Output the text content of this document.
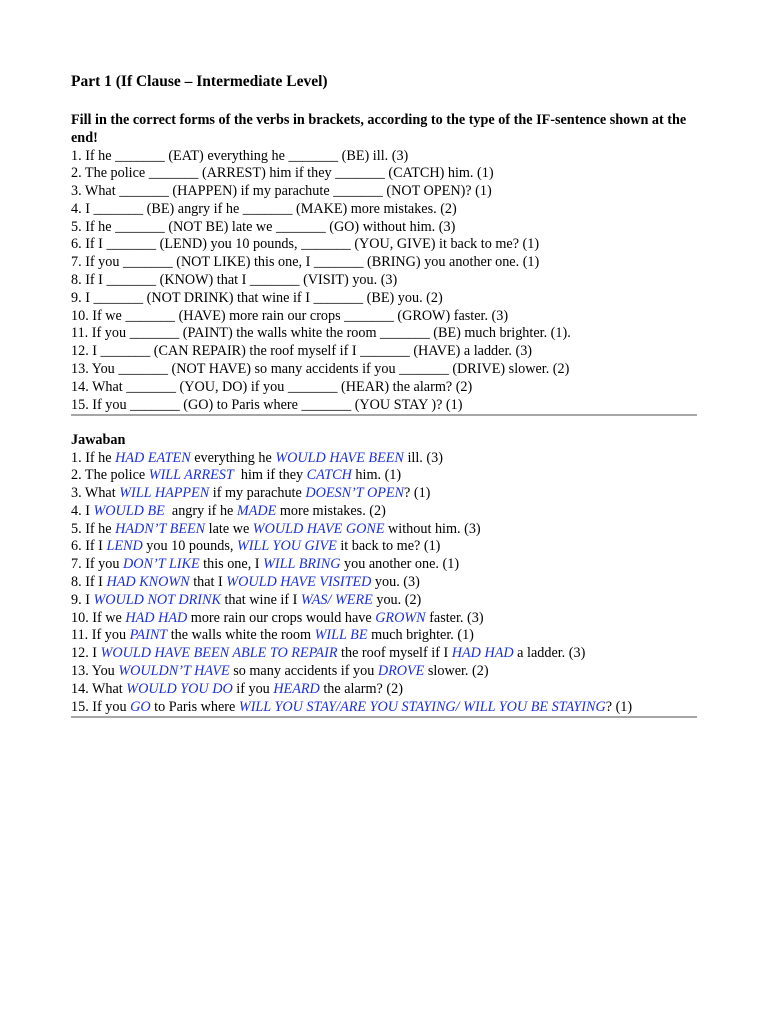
Part 1 (If Clause – Intermediate Level)
Fill in the correct forms of the verbs in brackets, according to the type of the IF-sentence shown at the end!
1. If he _______ (EAT) everything he _______ (BE) ill. (3)
2. The police _______ (ARREST) him if they _______ (CATCH) him. (1)
3. What _______ (HAPPEN) if my parachute _______ (NOT OPEN)? (1)
4. I _______ (BE) angry if he _______ (MAKE) more mistakes. (2)
5. If he _______ (NOT BE) late we _______ (GO) without him. (3)
6. If I _______ (LEND) you 10 pounds, _______ (YOU, GIVE) it back to me? (1)
7. If you _______ (NOT LIKE) this one, I _______ (BRING) you another one. (1)
8. If I _______ (KNOW) that I _______ (VISIT) you. (3)
9. I _______ (NOT DRINK) that wine if I _______ (BE) you. (2)
10. If we _______ (HAVE) more rain our crops _______ (GROW) faster. (3)
11. If you _______ (PAINT) the walls white the room _______ (BE) much brighter. (1).
12. I _______ (CAN REPAIR) the roof myself if I _______ (HAVE) a ladder. (3)
13. You _______ (NOT HAVE) so many accidents if you _______ (DRIVE) slower. (2)
14. What _______ (YOU, DO) if you _______ (HEAR) the alarm? (2)
15. If you _______ (GO) to Paris where _______ (YOU STAY )? (1)
Jawaban
1. If he HAD EATEN everything he WOULD HAVE BEEN ill. (3)
2. The police WILL ARREST  him if they CATCH him. (1)
3. What WILL HAPPEN if my parachute DOESN’T OPEN? (1)
4. I WOULD BE  angry if he MADE more mistakes. (2)
5. If he HADN’T BEEN late we WOULD HAVE GONE without him. (3)
6. If I LEND you 10 pounds, WILL YOU GIVE it back to me? (1)
7. If you DON’T LIKE this one, I WILL BRING you another one. (1)
8. If I HAD KNOWN that I WOULD HAVE VISITED you. (3)
9. I WOULD NOT DRINK that wine if I WAS/ WERE you. (2)
10. If we HAD HAD more rain our crops would have GROWN faster. (3)
11. If you PAINT the walls white the room WILL BE much brighter. (1)
12. I WOULD HAVE BEEN ABLE TO REPAIR the roof myself if I HAD HAD a ladder. (3)
13. You WOULDN’T HAVE so many accidents if you DROVE slower. (2)
14. What WOULD YOU DO if you HEARD the alarm? (2)
15. If you GO to Paris where WILL YOU STAY/ARE YOU STAYING/ WILL YOU BE STAYING? (1)
